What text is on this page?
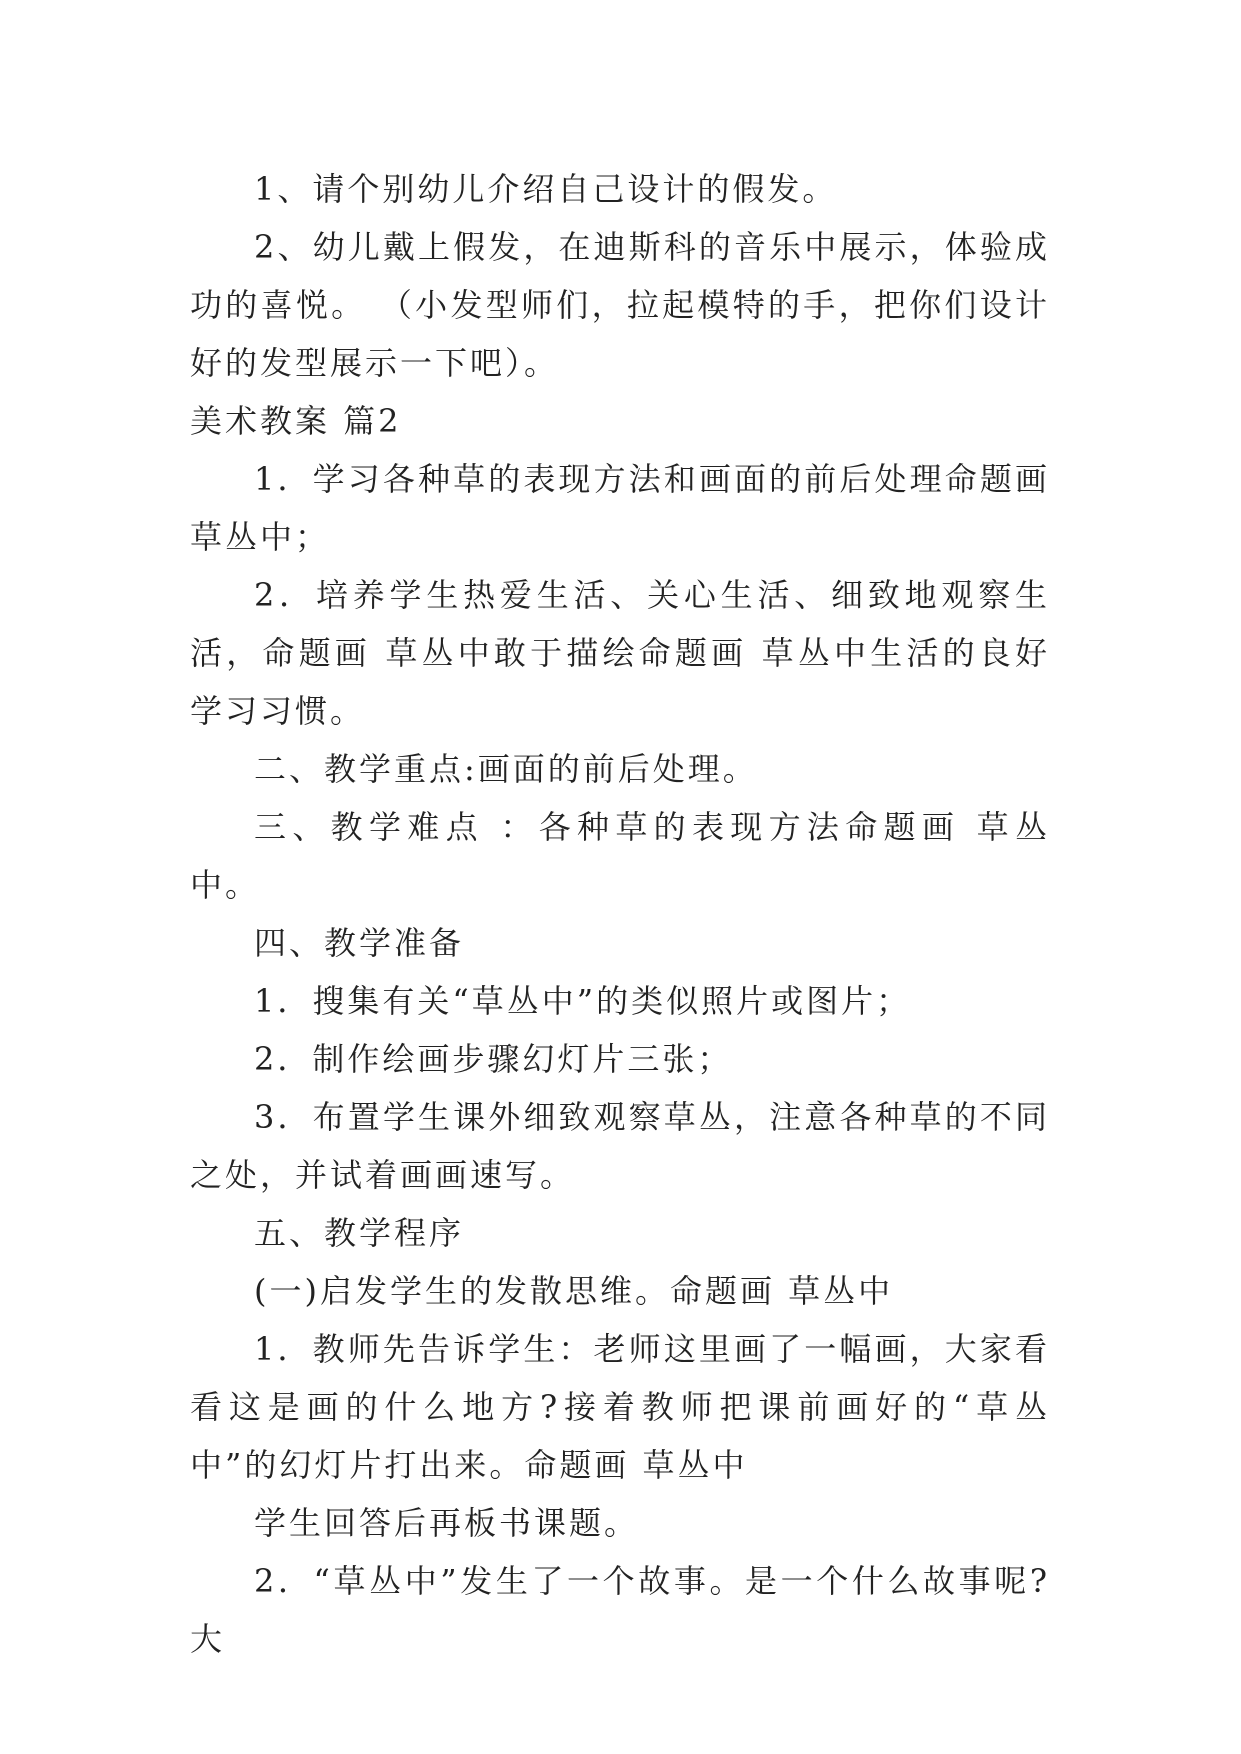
1、请个别幼儿介绍自己设计的假发。

2、幼儿戴上假发，在迪斯科的音乐中展示，体验成功的喜悦。 （小发型师们，拉起模特的手，把你们设计好的发型展示一下吧）。

美术教案 篇2

1．学习各种草的表现方法和画面的前后处理命题画 草丛中；

2．培养学生热爱生活、关心生活、细致地观察生活，命题画 草丛中敢于描绘命题画 草丛中生活的良好学习习惯。

二、教学重点:画面的前后处理。

三、教学难点 ：各种草的表现方法命题画 草丛中。

四、教学准备

1．搜集有关“草丛中”的类似照片或图片；

2．制作绘画步骤幻灯片三张；

3．布置学生课外细致观察草丛，注意各种草的不同之处，并试着画画速写。

五、教学程序

(一)启发学生的发散思维。命题画 草丛中

1．教师先告诉学生：老师这里画了一幅画，大家看看这是画的什么地方?接着教师把课前画好的“草丛中”的幻灯片打出来。命题画 草丛中

学生回答后再板书课题。

2．“草丛中”发生了一个故事。是一个什么故事呢?大
